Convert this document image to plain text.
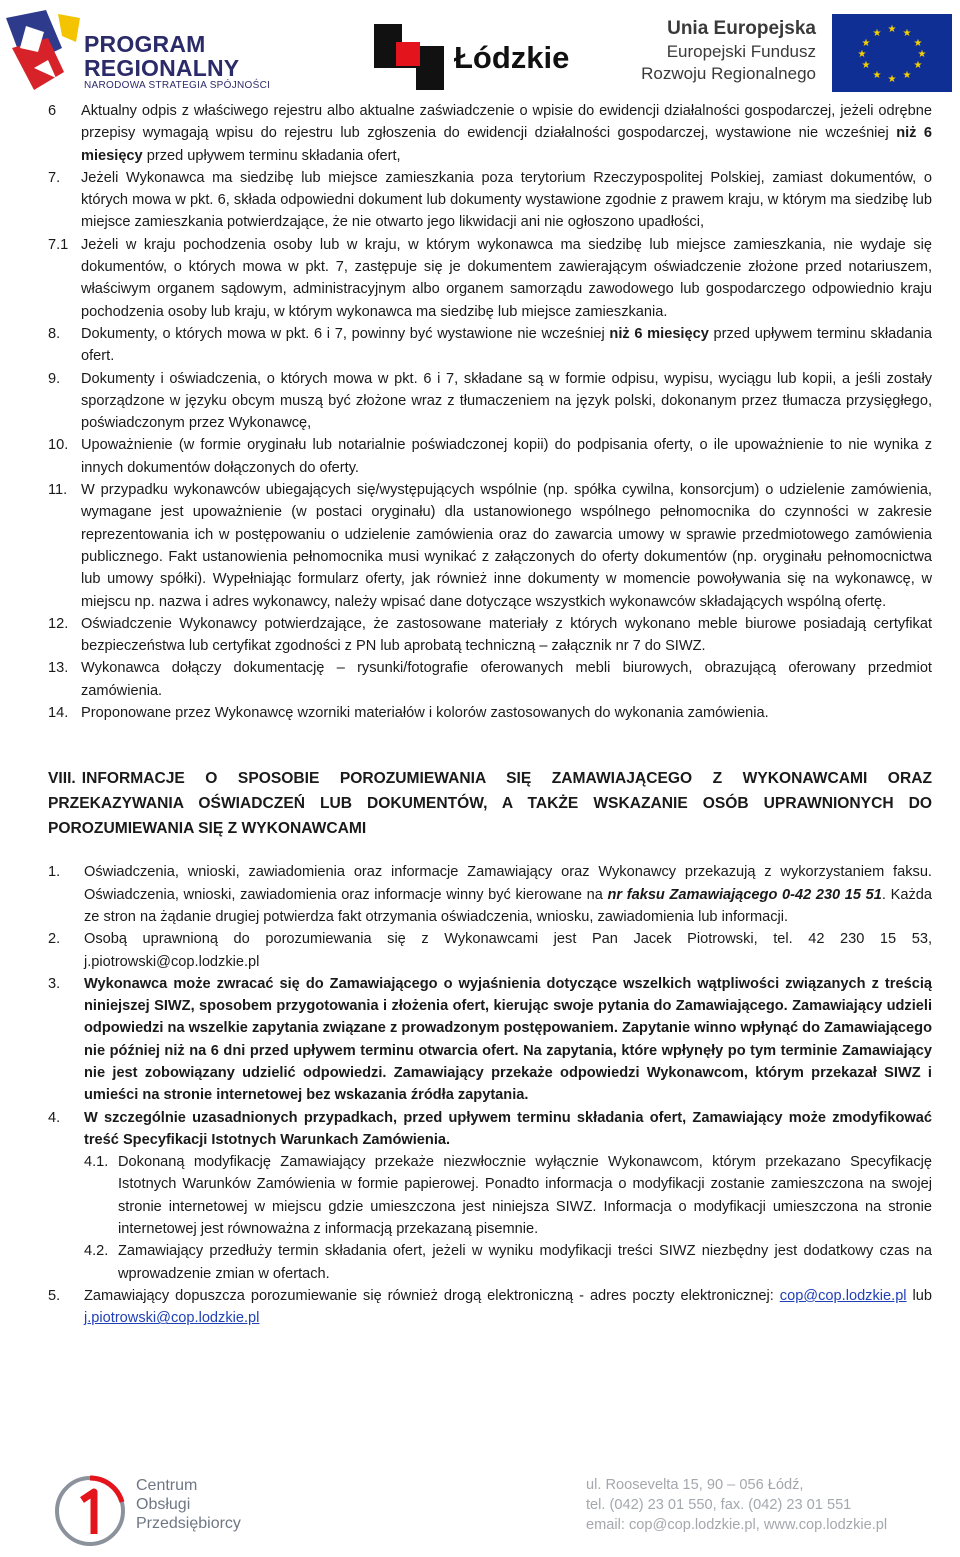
PROGRAM
REGIONALNY
NARODOWA STRATEGIA SPÓJNOŚCI
Łódzkie
Unia Europejska
Europejski Fundusz
Rozwoju Regionalnego
★ ★
★
★
★
★
★
★
★
★
★
★
6 Aktualny odpis z właściwego rejestru albo aktualne zaświadczenie o wpisie do ewidencji działalności gospodarczej, jeżeli odrębne przepisy wymagają wpisu do rejestru lub zgłoszenia do ewidencji działalności gospodarczej, wystawione nie wcześniej niż 6 miesięcy przed upływem terminu składania ofert,
7. Jeżeli Wykonawca ma siedzibę lub miejsce zamieszkania poza terytorium Rzeczypospolitej Polskiej, zamiast dokumentów, o których mowa w pkt. 6, składa odpowiedni dokument lub dokumenty wystawione zgodnie z prawem kraju, w którym ma siedzibę lub miejsce zamieszkania potwierdzające, że nie otwarto jego likwidacji ani nie ogłoszono upadłości,
7.1 Jeżeli w kraju pochodzenia osoby lub w kraju, w którym wykonawca ma siedzibę lub miejsce zamieszkania, nie wydaje się dokumentów, o których mowa w pkt. 7, zastępuje się je dokumentem zawierającym oświadczenie złożone przed notariuszem, właściwym organem sądowym, administracyjnym albo organem samorządu zawodowego lub gospodarczego odpowiednio kraju pochodzenia osoby lub kraju, w którym wykonawca ma siedzibę lub miejsce zamieszkania.
8. Dokumenty, o których mowa w pkt. 6 i 7, powinny być wystawione nie wcześniej niż 6 miesięcy przed upływem terminu składania ofert.
9. Dokumenty i oświadczenia, o których mowa w pkt. 6 i 7, składane są w formie odpisu, wypisu, wyciągu lub kopii, a jeśli zostały sporządzone w języku obcym muszą być złożone wraz z tłumaczeniem na język polski, dokonanym przez tłumacza przysięgłego, poświadczonym przez Wykonawcę,
10. Upoważnienie (w formie oryginału lub notarialnie poświadczonej kopii) do podpisania oferty, o ile upoważnienie to nie wynika z innych dokumentów dołączonych do oferty.
11. W przypadku wykonawców ubiegających się/występujących wspólnie (np. spółka cywilna, konsorcjum) o udzielenie zamówienia, wymagane jest upoważnienie (w postaci oryginału) dla ustanowionego wspólnego pełnomocnika do czynności w zakresie reprezentowania ich w postępowaniu o udzielenie zamówienia oraz do zawarcia umowy w sprawie przedmiotowego zamówienia publicznego. Fakt ustanowienia pełnomocnika musi wynikać z załączonych do oferty dokumentów (np. oryginału pełnomocnictwa lub umowy spółki). Wypełniając formularz oferty, jak również inne dokumenty w momencie powoływania się na wykonawcę, w miejscu np. nazwa i adres wykonawcy, należy wpisać dane dotyczące wszystkich wykonawców składających wspólną ofertę.
12. Oświadczenie Wykonawcy potwierdzające, że zastosowane materiały z których wykonano meble biurowe posiadają certyfikat bezpieczeństwa lub certyfikat zgodności z PN lub aprobatą techniczną – załącznik nr 7 do SIWZ.
13. Wykonawca dołączy dokumentację – rysunki/fotografie oferowanych mebli biurowych, obrazującą oferowany przedmiot zamówienia.
14. Proponowane przez Wykonawcę wzorniki materiałów i kolorów zastosowanych do wykonania zamówienia.
VIII. INFORMACJE O SPOSOBIE POROZUMIEWANIA SIĘ ZAMAWIAJĄCEGO Z WYKONAWCAMI ORAZ PRZEKAZYWANIA OŚWIADCZEŃ LUB DOKUMENTÓW, A TAKŻE WSKAZANIE OSÓB UPRAWNIONYCH DO POROZUMIEWANIA SIĘ Z WYKONAWCAMI
1. Oświadczenia, wnioski, zawiadomienia oraz informacje Zamawiający oraz Wykonawcy przekazują z wykorzystaniem faksu. Oświadczenia, wnioski, zawiadomienia oraz informacje winny być kierowane na nr faksu Zamawiającego 0-42 230 15 51. Każda ze stron na żądanie drugiej potwierdza fakt otrzymania oświadczenia, wniosku, zawiadomienia lub informacji.
2. Osobą uprawnioną do porozumiewania się z Wykonawcami jest Pan Jacek Piotrowski, tel. 42 230 15 53, j.piotrowski@cop.lodzkie.pl
3. Wykonawca może zwracać się do Zamawiającego o wyjaśnienia dotyczące wszelkich wątpliwości związanych z treścią niniejszej SIWZ, sposobem przygotowania i złożenia ofert, kierując swoje pytania do Zamawiającego. Zamawiający udzieli odpowiedzi na wszelkie zapytania związane z prowadzonym postępowaniem. Zapytanie winno wpłynąć do Zamawiającego nie później niż na 6 dni przed upływem terminu otwarcia ofert. Na zapytania, które wpłynęły po tym terminie Zamawiający nie jest zobowiązany udzielić odpowiedzi. Zamawiający przekaże odpowiedzi Wykonawcom, którym przekazał SIWZ i umieści na stronie internetowej bez wskazania źródła zapytania.
4. W szczególnie uzasadnionych przypadkach, przed upływem terminu składania ofert, Zamawiający może zmodyfikować treść Specyfikacji Istotnych Warunkach Zamówienia.
4.1. Dokonaną modyfikację Zamawiający przekaże niezwłocznie wyłącznie Wykonawcom, którym przekazano Specyfikację Istotnych Warunków Zamówienia w formie papierowej. Ponadto informacja o modyfikacji zostanie zamieszczona na swojej stronie internetowej w miejscu gdzie umieszczona jest niniejsza SIWZ. Informacja o modyfikacji umieszczona na stronie internetowej jest równoważna z informacją przekazaną pisemnie.
4.2. Zamawiający przedłuży termin składania ofert, jeżeli w wyniku modyfikacji treści SIWZ niezbędny jest dodatkowy czas na wprowadzenie zmian w ofertach.
5. Zamawiający dopuszcza porozumiewanie się również drogą elektroniczną - adres poczty elektronicznej: cop@cop.lodzkie.pl lub j.piotrowski@cop.lodzkie.pl
Centrum
Obsługi
Przedsiębiorcy
ul. Roosevelta 15, 90 – 056 Łódź,
tel. (042) 23 01 550, fax. (042) 23 01 551
email: cop@cop.lodzkie.pl, www.cop.lodzkie.pl
